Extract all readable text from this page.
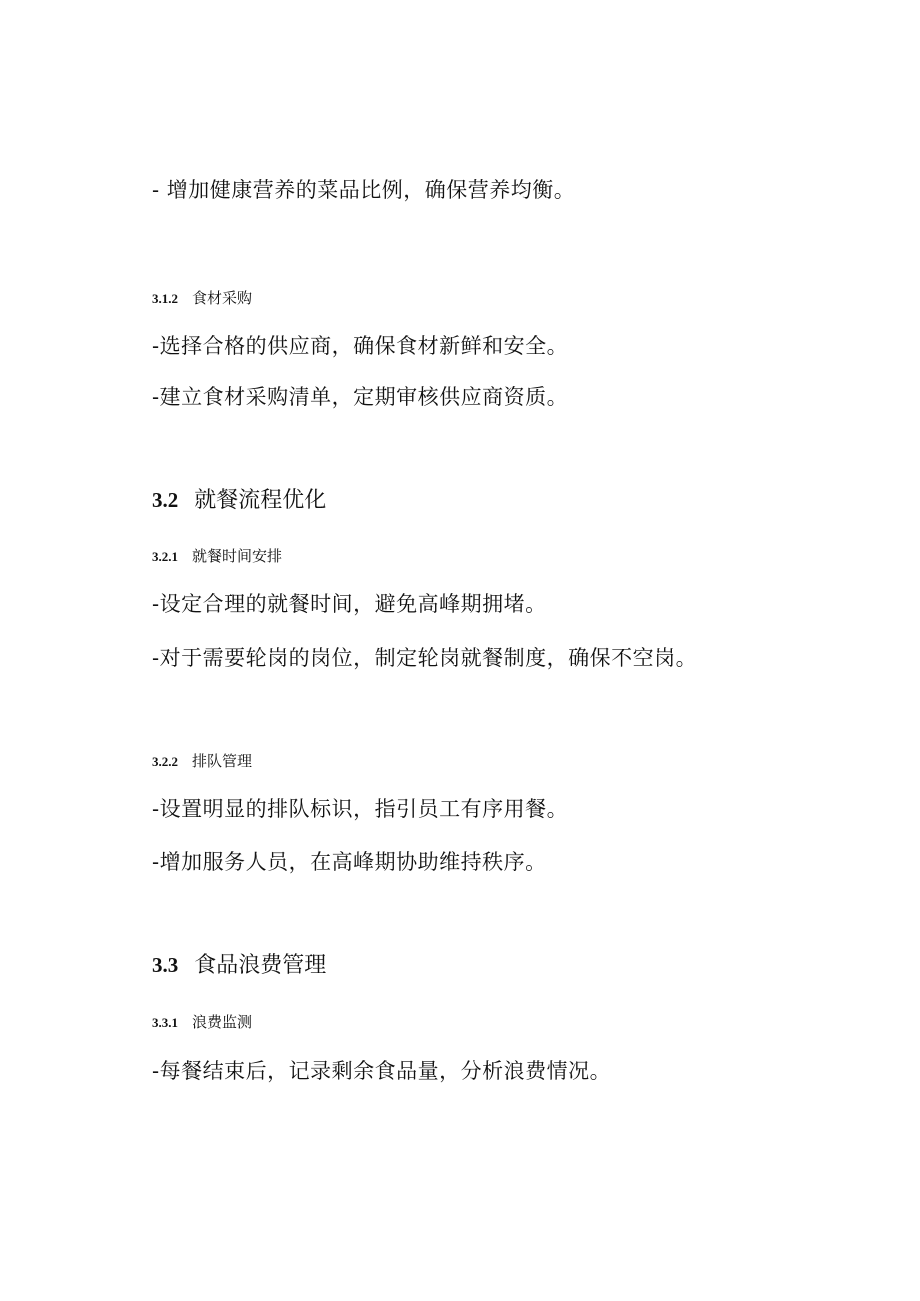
- 增加健康营养的菜品比例，确保营养均衡。

3.1.2 食材采购

-选择合格的供应商，确保食材新鲜和安全。

-建立食材采购清单，定期审核供应商资质。

3.2 就餐流程优化
3.2.1 就餐时间安排

-设定合理的就餐时间，避免高峰期拥堵。

-对于需要轮岗的岗位，制定轮岗就餐制度，确保不空岗。

3.2.2 排队管理

-设置明显的排队标识，指引员工有序用餐。

-增加服务人员，在高峰期协助维持秩序。

3.3 食品浪费管理
3.3.1 浪费监测

-每餐结束后，记录剩余食品量，分析浪费情况。
